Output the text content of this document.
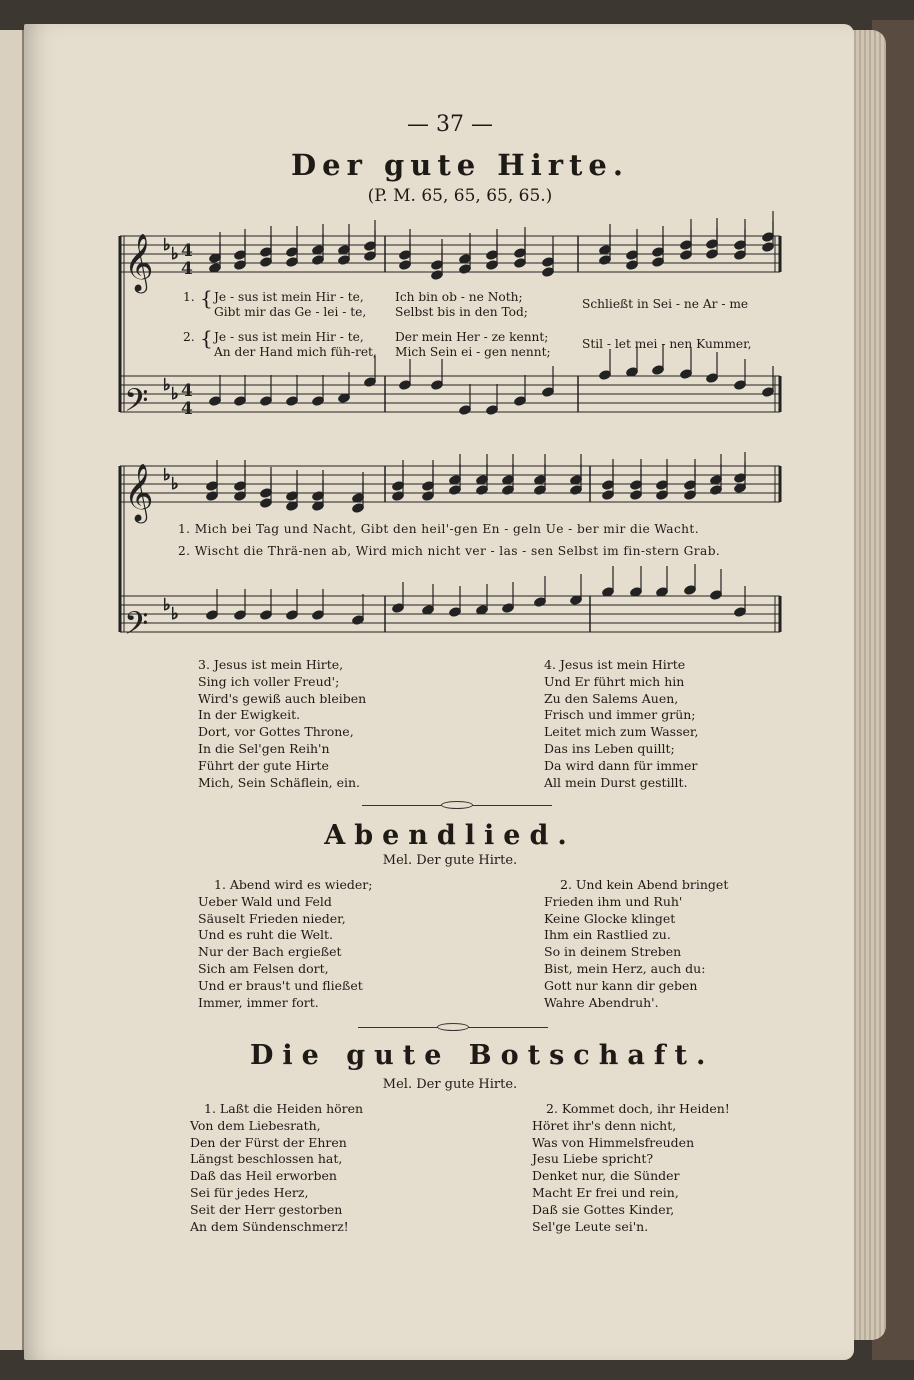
— 37 —
Der gute Hirte.
(P. M. 65, 65, 65, 65.)
♭ ♭
♭ ♭
♭ ♭
♭ ♭
4
4
4
4
𝄞
𝄢
𝄞
𝄢
1. { Je - sus ist mein Hir - te,
Gibt mir das Ge - lei - te,
Ich bin ob - ne Noth;
Selbst bis in den Tod;
Schließt in Sei - ne Ar - me
2. { Je - sus ist mein Hir - te,
An der Hand mich füh-ret,
Der mein Her - ze kennt;
Mich Sein ei - gen nennt;
Stil - let mei - nen Kummer,
1. Mich bei Tag und Nacht, Gibt den heil'-gen En - geln Ue - ber mir die Wacht.
2. Wischt die Thrä-nen ab, Wird mich nicht ver - las - sen Selbst im fin-stern Grab.
3. Jesus ist mein Hirte,
Sing ich voller Freud';
Wird's gewiß auch bleiben
In der Ewigkeit.
Dort, vor Gottes Throne,
In die Sel'gen Reih'n
Führt der gute Hirte
Mich, Sein Schäflein, ein.
4. Jesus ist mein Hirte
Und Er führt mich hin
Zu den Salems Auen,
Frisch und immer grün;
Leitet mich zum Wasser,
Das ins Leben quillt;
Da wird dann für immer
All mein Durst gestillt.
Abendlied.
Mel. Der gute Hirte.
1. Abend wird es wieder;
Ueber Wald und Feld
Säuselt Frieden nieder,
Und es ruht die Welt.
Nur der Bach ergießet
Sich am Felsen dort,
Und er braus't und fließet
Immer, immer fort.
2. Und kein Abend bringet
Frieden ihm und Ruh'
Keine Glocke klinget
Ihm ein Rastlied zu.
So in deinem Streben
Bist, mein Herz, auch du:
Gott nur kann dir geben
Wahre Abendruh'.
Die gute Botschaft.
Mel. Der gute Hirte.
1. Laßt die Heiden hören
Von dem Liebesrath,
Den der Fürst der Ehren
Längst beschlossen hat,
Daß das Heil erworben
Sei für jedes Herz,
Seit der Herr gestorben
An dem Sündenschmerz!
2. Kommet doch, ihr Heiden!
Höret ihr's denn nicht,
Was von Himmelsfreuden
Jesu Liebe spricht?
Denket nur, die Sünder
Macht Er frei und rein,
Daß sie Gottes Kinder,
Sel'ge Leute sei'n.
